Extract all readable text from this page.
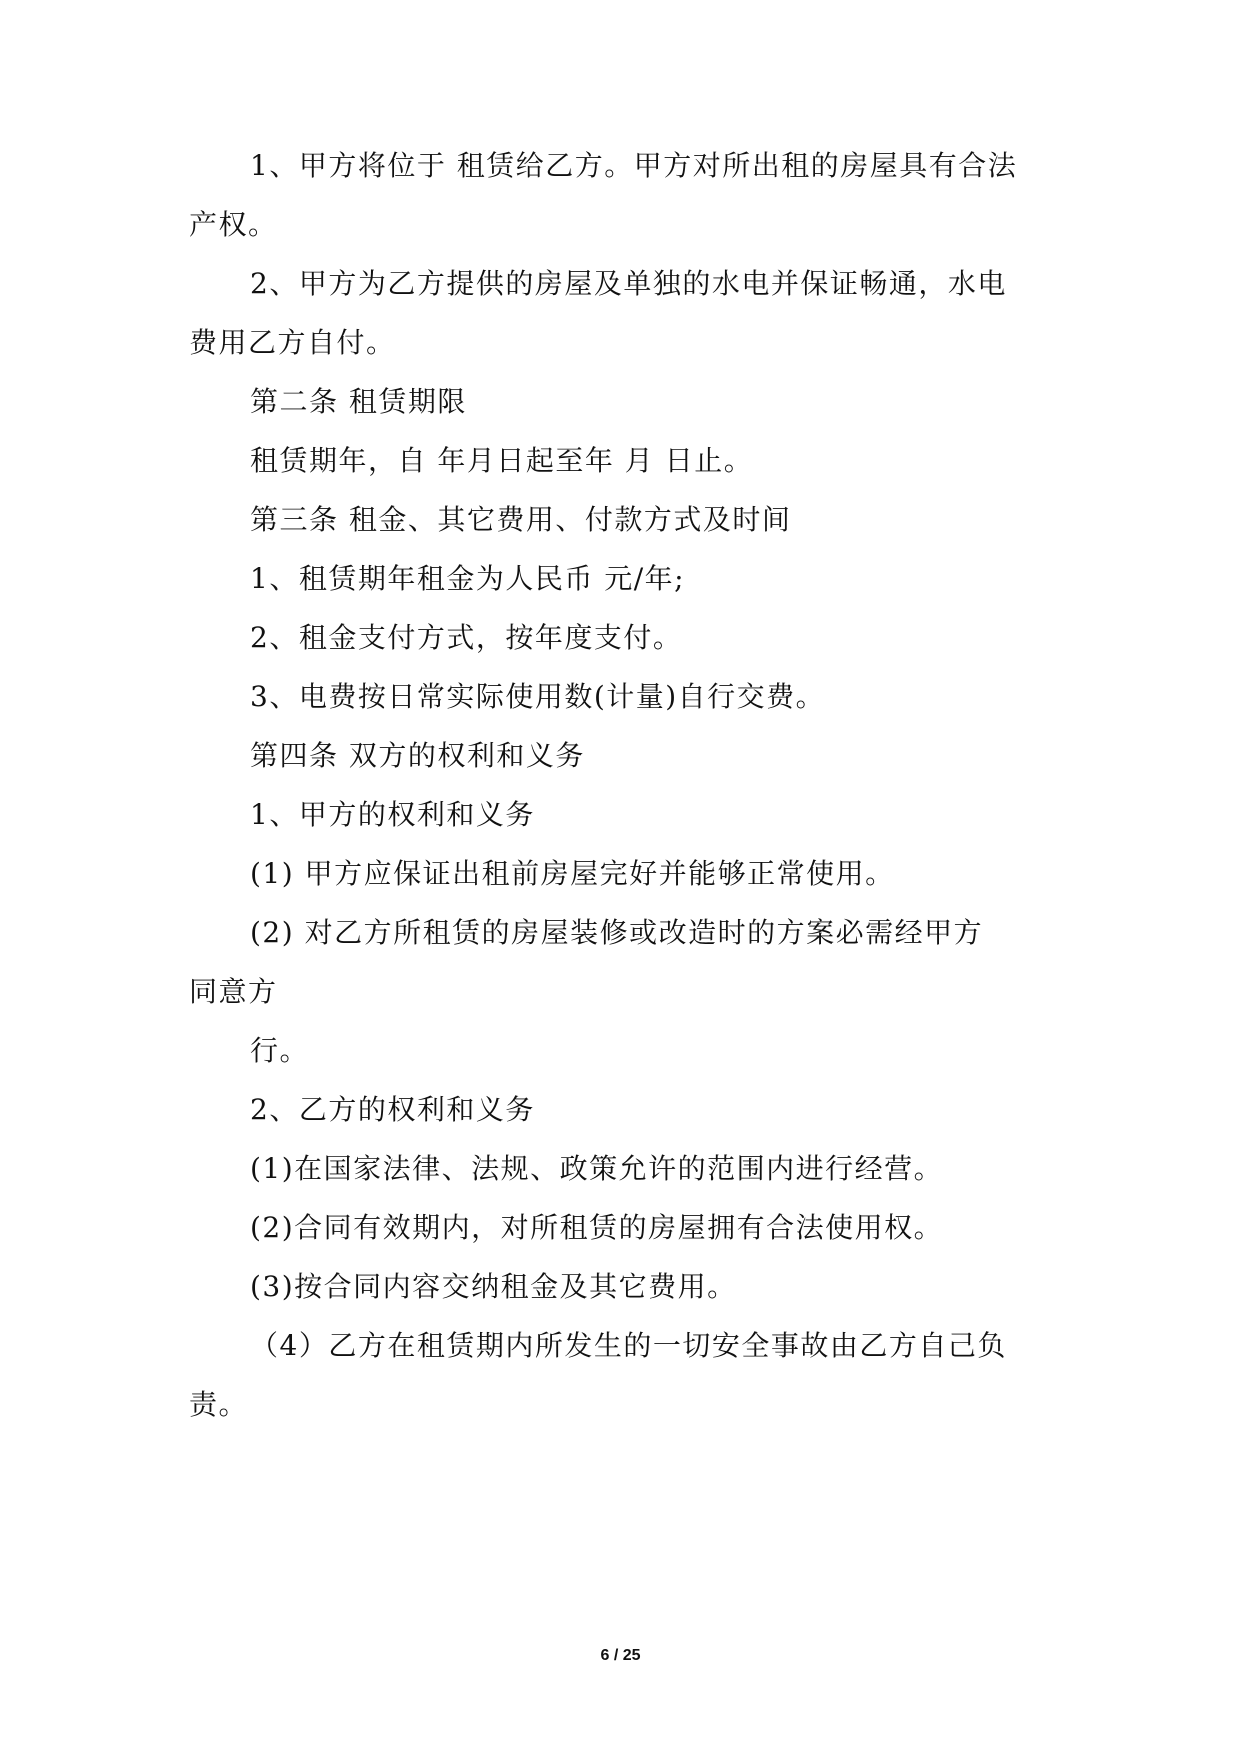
1、甲方将位于 租赁给乙方。甲方对所出租的房屋具有合法
产权。
2、甲方为乙方提供的房屋及单独的水电并保证畅通，水电
费用乙方自付。
第二条 租赁期限
租赁期年，自 年月日起至年 月 日止。
第三条 租金、其它费用、付款方式及时间
1、租赁期年租金为人民币 元/年;
2、租金支付方式，按年度支付。
3、电费按日常实际使用数(计量)自行交费。
第四条 双方的权利和义务
1、甲方的权利和义务
(1) 甲方应保证出租前房屋完好并能够正常使用。
(2) 对乙方所租赁的房屋装修或改造时的方案必需经甲方
同意方
行。
2、乙方的权利和义务
(1)在国家法律、法规、政策允许的范围内进行经营。
(2)合同有效期内，对所租赁的房屋拥有合法使用权。
(3)按合同内容交纳租金及其它费用。
（4）乙方在租赁期内所发生的一切安全事故由乙方自己负
责。
6 / 25
